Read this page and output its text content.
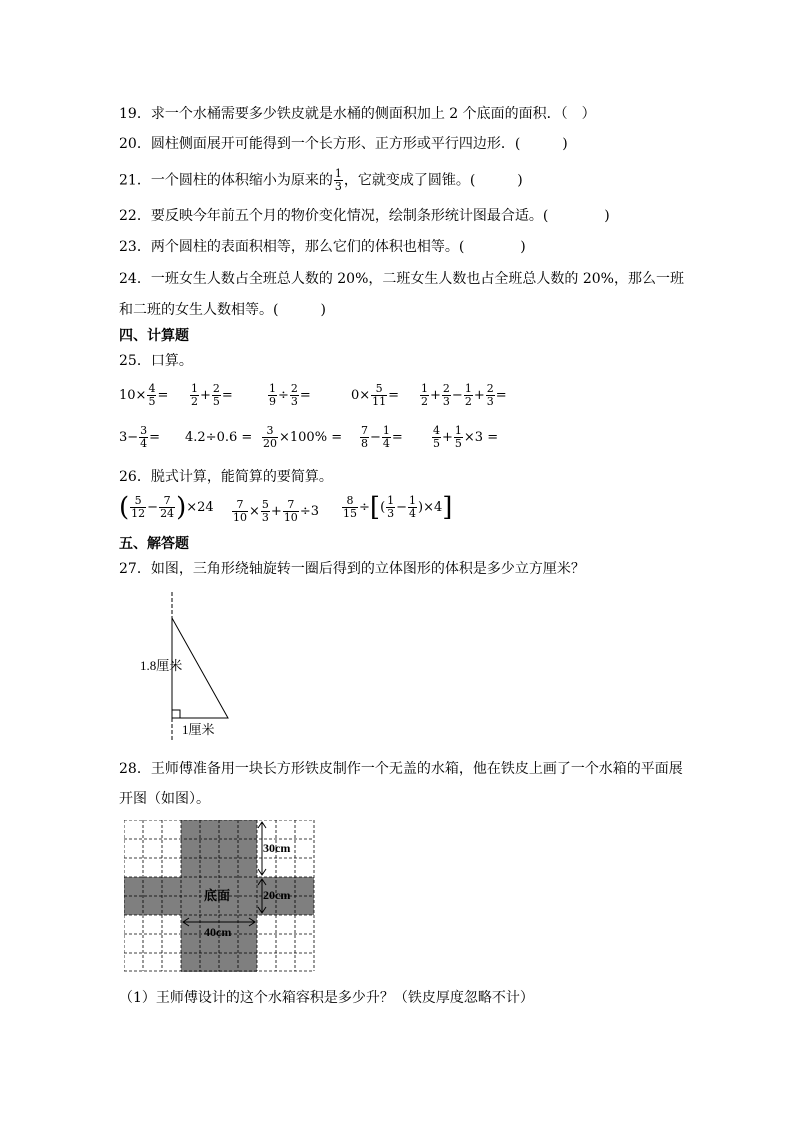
19．求一个水桶需要多少铁皮就是水桶的侧面积加上 2 个底面的面积．（　）
20．圆柱侧面展开可能得到一个长方形、正方形或平行四边形．(　　　)
21．一个圆柱的体积缩小为原来的 $\frac{1}{3}$ ，它就变成了圆锥。(　　　)
22．要反映今年前五个月的物价变化情况，绘制条形统计图最合适。(　　　　)
23．两个圆柱的表面积相等，那么它们的体积也相等。(　　　　)
24．一班女生人数占全班总人数的 20%，二班女生人数也占全班总人数的 20%，那么一班
和二班的女生人数相等。(　　　)
四、计算题
25．口算。
$10\times \frac{4}{5} = \frac{1}{2} + \frac{2}{5}$ =	$\frac{1}{9} \div \frac{2}{3}$ =	$0\times \frac{5}{11} = \frac{1}{2} + \frac{2}{3} - \frac{1}{2} + \frac{2}{3}$ =
$3- \frac{3}{4} = 4.2\div 0.6 = \frac{3}{20} \times 100\% = \frac{7}{8} - \frac{1}{4}$ =	$\frac{4}{5} + \frac{1}{5} \times 3$ =
26．脱式计算，能简算的要简算。
( $\frac{5}{12} - \frac{7}{24} )\times 24 \frac{7}{10} \times \frac{5}{3} + \frac{7}{10} \div 3 \frac{8}{15}$ ÷[( $\frac{1}{3} - \frac{1}{4} )\times 4$]
五、解答题
27．如图，三角形绕轴旋转一圈后得到的立体图形的体积是多少立方厘米？
1.8厘米
1厘米
28．王师傅准备用一块长方形铁皮制作一个无盖的水箱，他在铁皮上画了一个水箱的平面展
开图（如图）。
30cm
20cm
底面
40cm
（1）王师傅设计的这个水箱容积是多少升？（铁皮厚度忽略不计）
